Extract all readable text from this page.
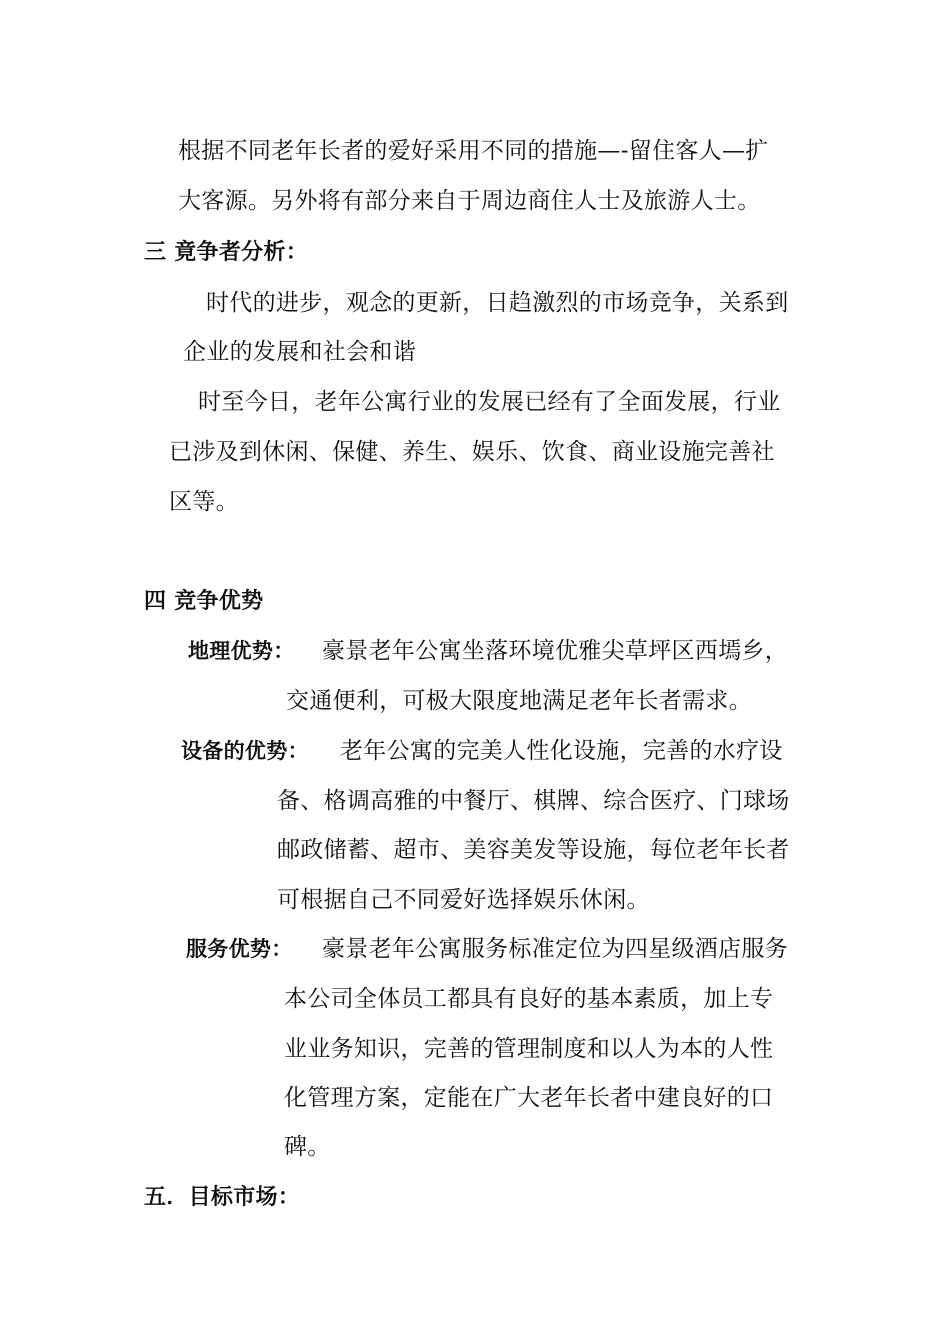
根据不同老年长者的爱好采用不同的措施—-留住客人—扩
大客源。另外将有部分来自于周边商住人士及旅游人士。
三 竟争者分析：
时代的进步，观念的更新，日趋激烈的市场竞争，关系到
企业的发展和社会和谐
时至今日，老年公寓行业的发展已经有了全面发展，行业
已涉及到休闲、保健、养生、娱乐、饮食、商业设施完善社
区等。
四 竞争优势
地理优势： 豪景老年公寓坐落环境优雅尖草坪区西墕乡，
交通便利，可极大限度地满足老年长者需求。
设备的优势： 老年公寓的完美人性化设施，完善的水疗设
备、格调高雅的中餐厅、棋牌、综合医疗、门球场
邮政储蓄、超市、美容美发等设施，每位老年长者
可根据自己不同爱好选择娱乐休闲。
服务优势： 豪景老年公寓服务标准定位为四星级酒店服务
本公司全体员工都具有良好的基本素质，加上专
业业务知识，完善的管理制度和以人为本的人性
化管理方案，定能在广大老年长者中建良好的口
碑。
五．目标市场：
